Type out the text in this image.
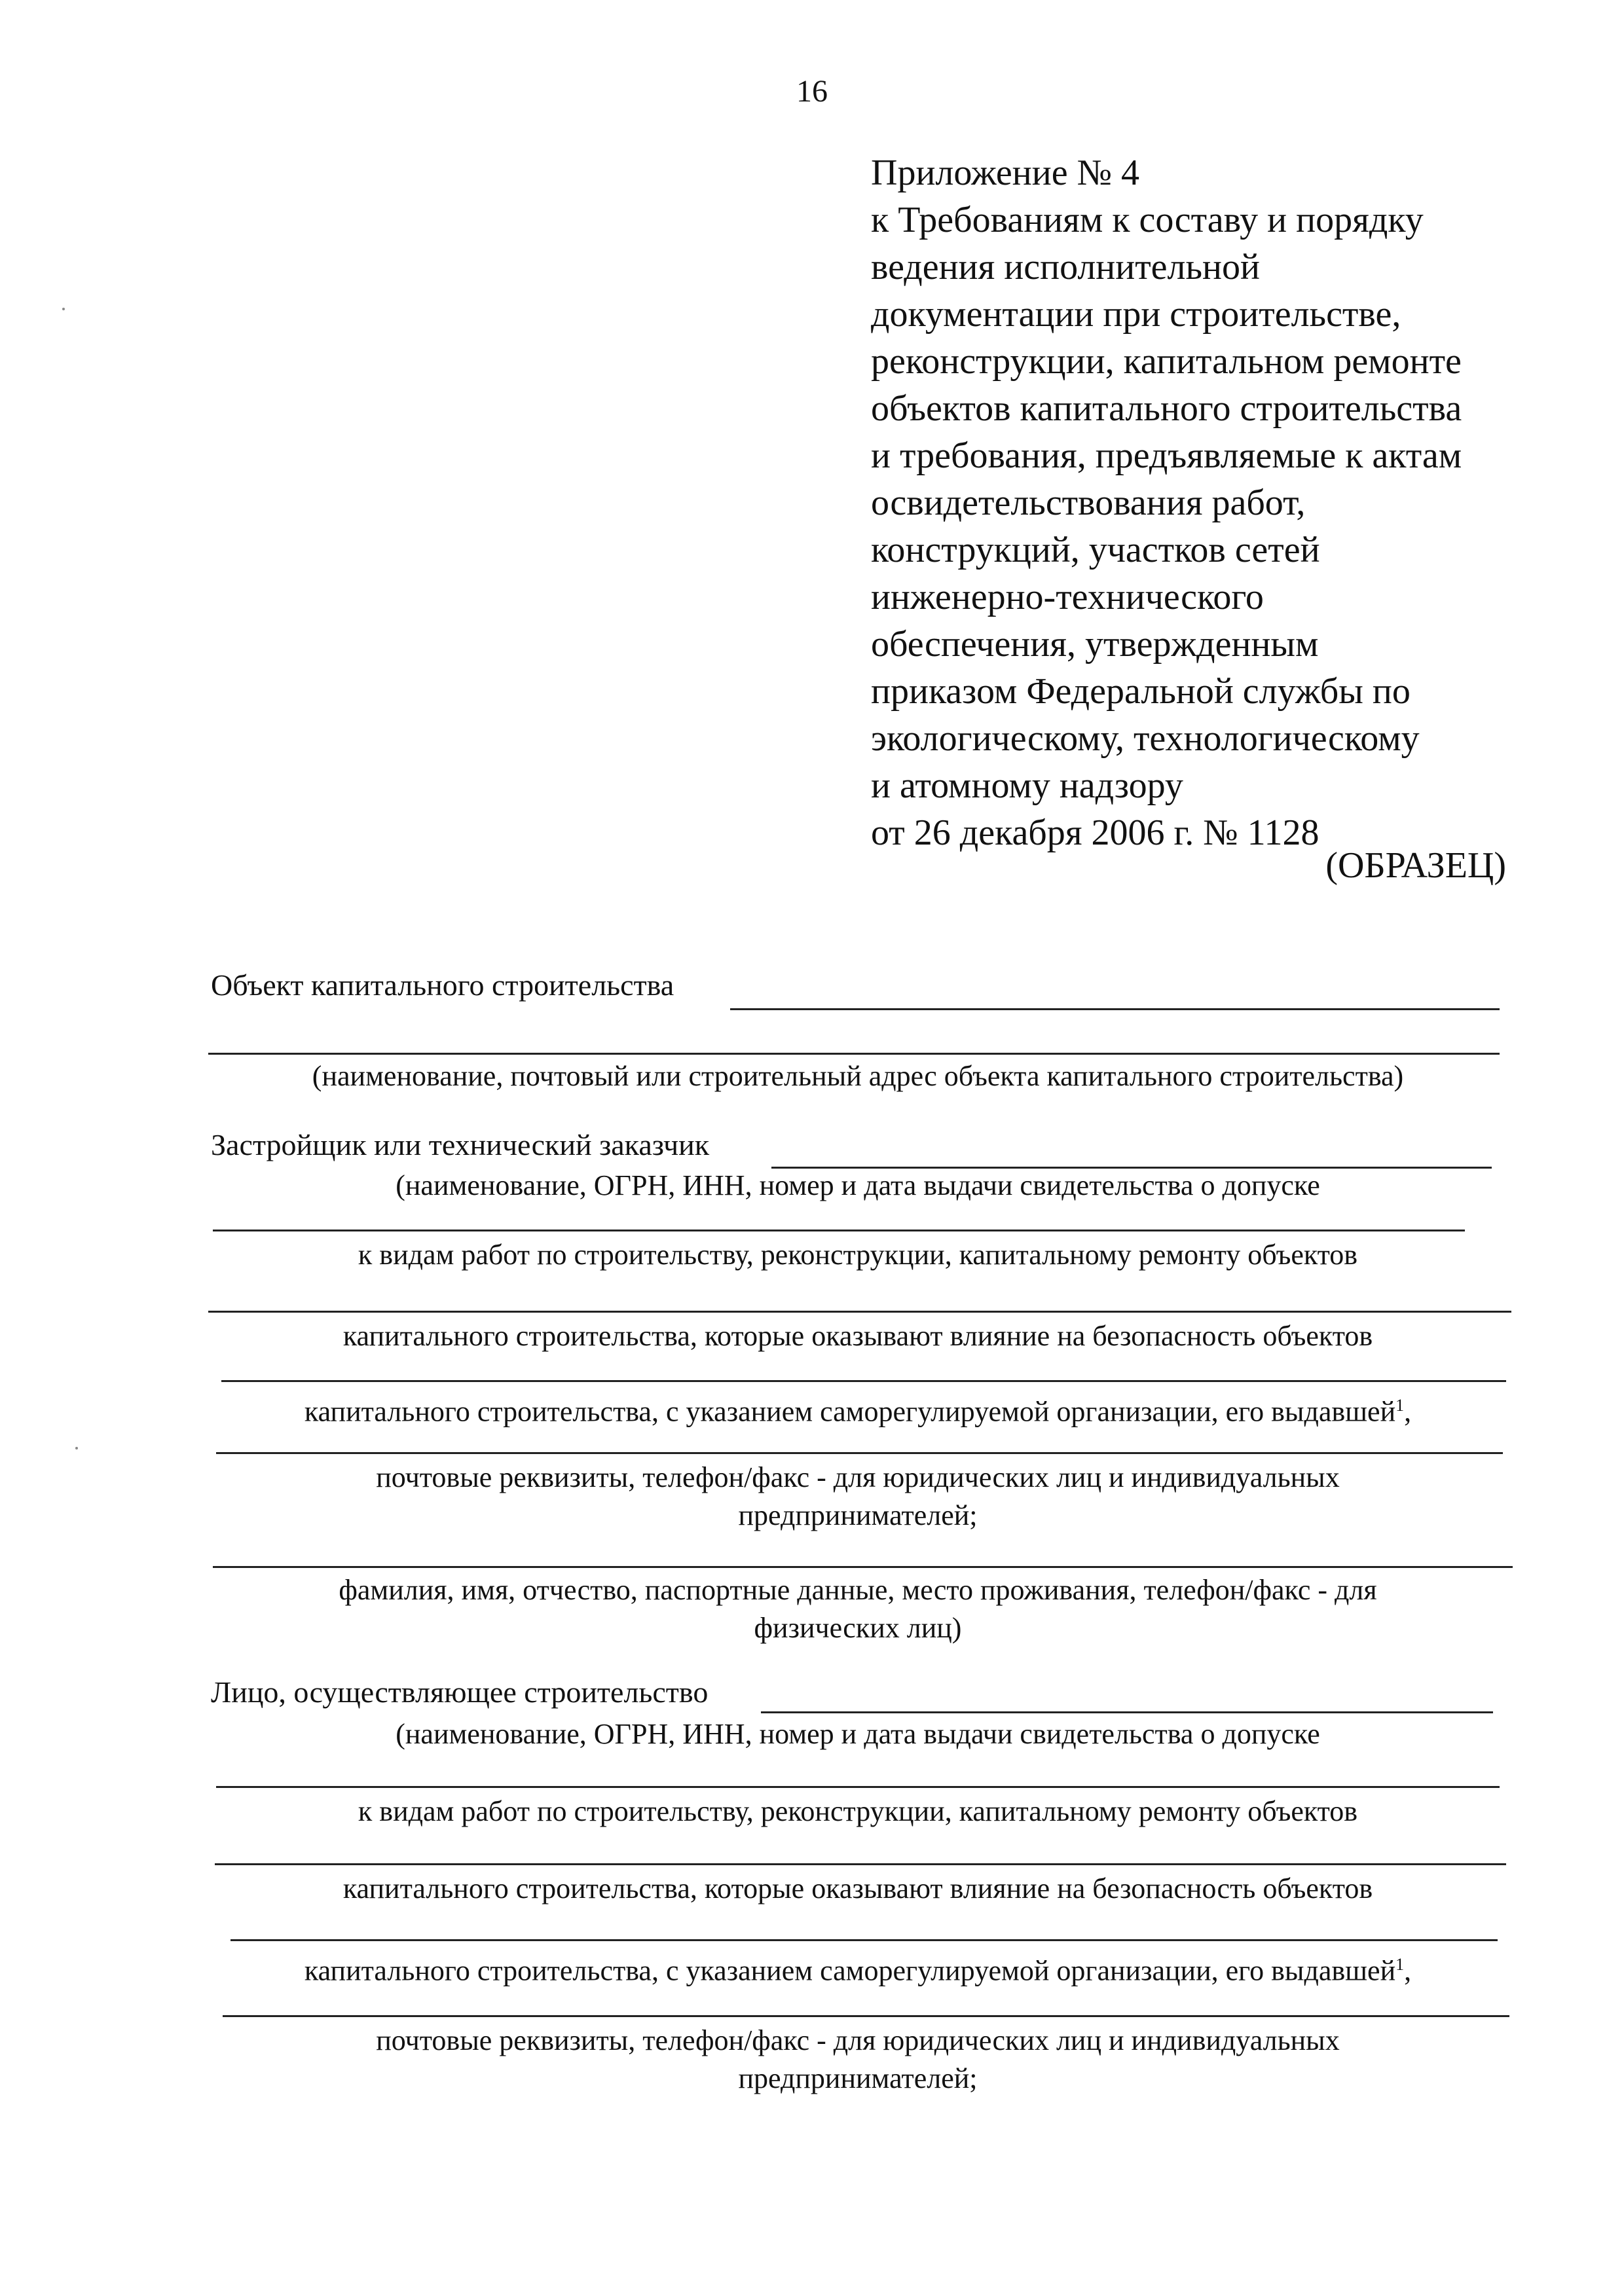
16
Приложение № 4
к Требованиям к составу и порядку
ведения исполнительной
документации при строительстве,
реконструкции, капитальном ремонте
объектов капитального строительства
и требования, предъявляемые к актам
освидетельствования работ,
конструкций, участков сетей
инженерно-технического
обеспечения, утвержденным
приказом Федеральной службы по
экологическому, технологическому
и атомному надзору
от 26 декабря 2006 г. № 1128
(ОБРАЗЕЦ)
Объект капитального строительства
(наименование, почтовый или строительный адрес объекта капитального строительства)
Застройщик или технический заказчик
(наименование, ОГРН, ИНН, номер и дата выдачи свидетельства о допуске
к видам работ по строительству, реконструкции, капитальному ремонту объектов
капитального строительства, которые оказывают влияние на безопасность объектов
капитального строительства, с указанием саморегулируемой организации, его выдавшей$^1$,
почтовые реквизиты, телефон/факс - для юридических лиц и индивидуальных
предпринимателей;
фамилия, имя, отчество, паспортные данные, место проживания, телефон/факс - для
физических лиц)
Лицо, осуществляющее строительство
(наименование, ОГРН, ИНН, номер и дата выдачи свидетельства о допуске
к видам работ по строительству, реконструкции, капитальному ремонту объектов
капитального строительства, которые оказывают влияние на безопасность объектов
капитального строительства, с указанием саморегулируемой организации, его выдавшей$^1$,
почтовые реквизиты, телефон/факс - для юридических лиц и индивидуальных
предпринимателей;
